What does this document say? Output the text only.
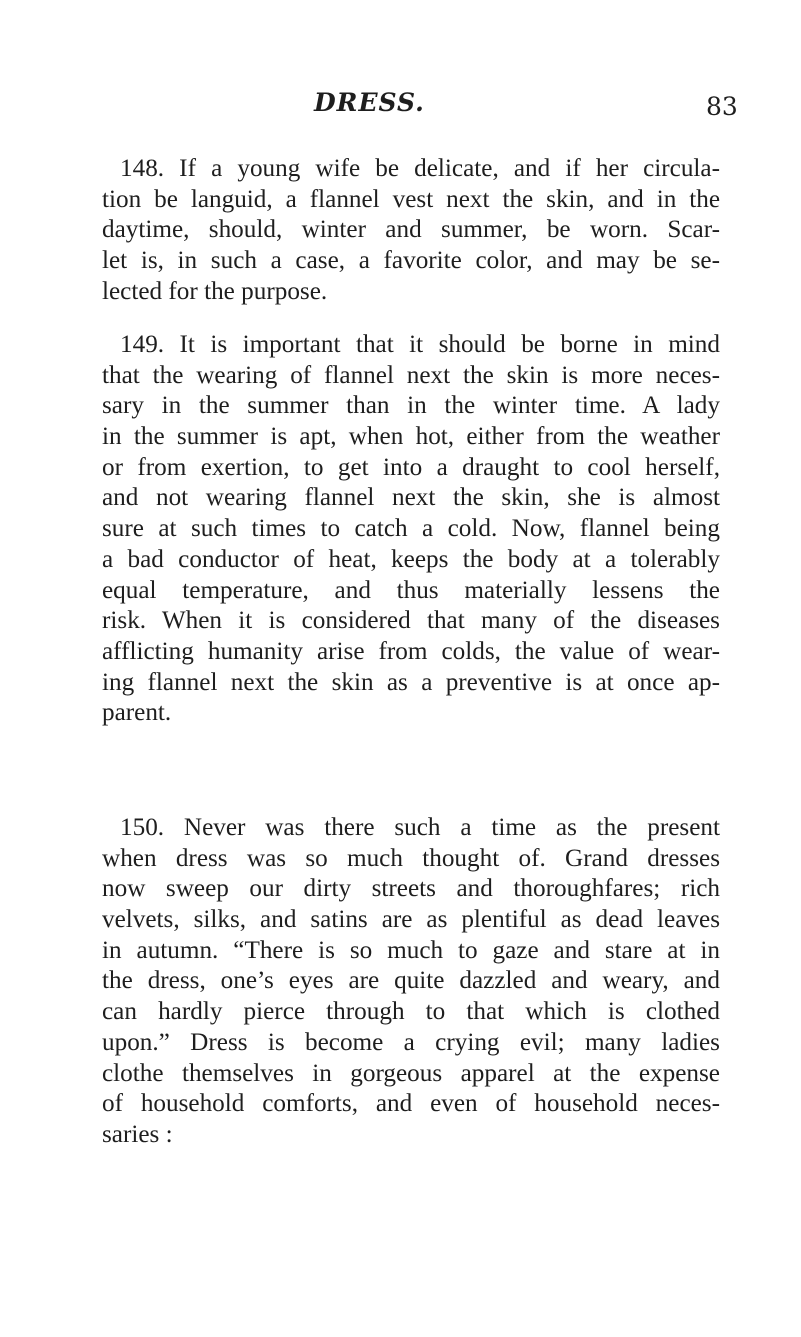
DRESS.	83

148. If a young wife be delicate, and if her circula-
tion be languid, a flannel vest next the skin, and in the
daytime, should, winter and summer, be worn. Scar-
let is, in such a case, a favorite color, and may be se-
lected for the purpose.

149. It is important that it should be borne in mind
that the wearing of flannel next the skin is more neces-
sary in the summer than in the winter time. A lady
in the summer is apt, when hot, either from the weather
or from exertion, to get into a draught to cool herself,
and not wearing flannel next the skin, she is almost
sure at such times to catch a cold. Now, flannel being
a bad conductor of heat, keeps the body at a tolerably
equal temperature, and thus materially lessens the
risk. When it is considered that many of the diseases
afflicting humanity arise from colds, the value of wear-
ing flannel next the skin as a preventive is at once ap-
parent.

150. Never was there such a time as the present
when dress was so much thought of. Grand dresses
now sweep our dirty streets and thoroughfares; rich
velvets, silks, and satins are as plentiful as dead leaves
in autumn. “There is so much to gaze and stare at in
the dress, one’s eyes are quite dazzled and weary, and
can hardly pierce through to that which is clothed
upon.” Dress is become a crying evil; many ladies
clothe themselves in gorgeous apparel at the expense
of household comforts, and even of household neces-
saries :
